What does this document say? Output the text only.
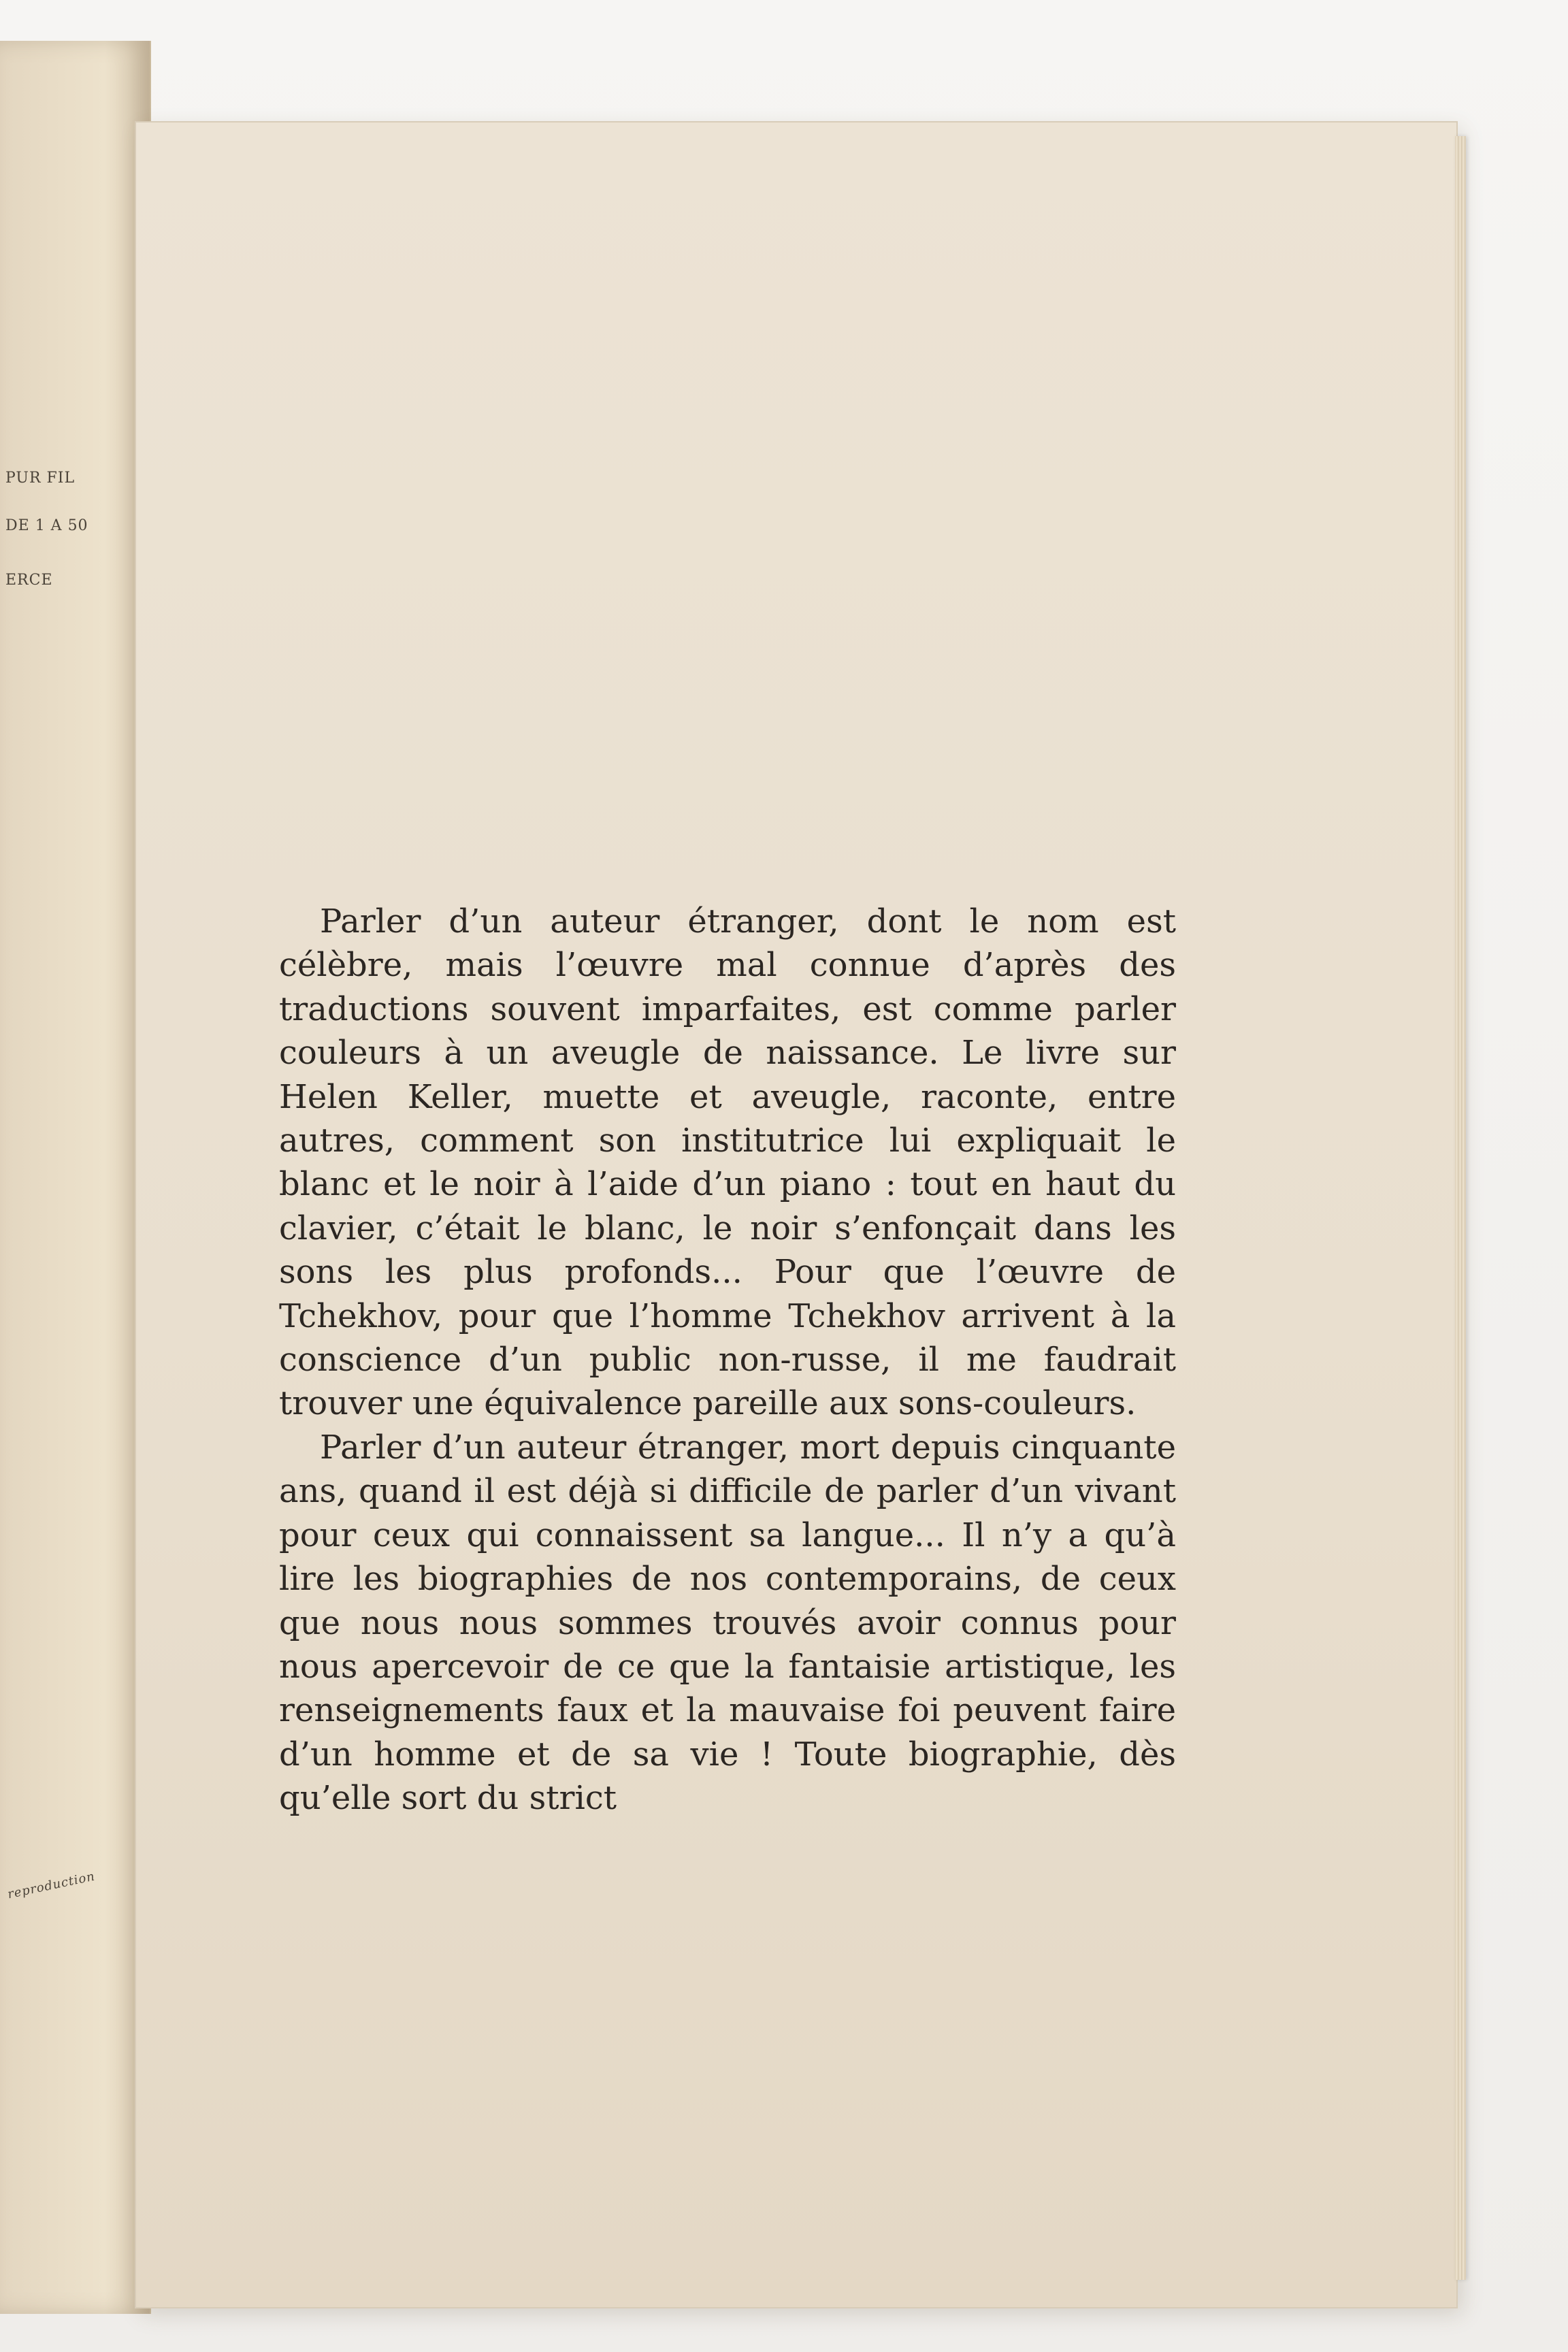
PUR FIL
DE 1 A 50
ERCE
reproduction

Parler d’un auteur étranger, dont le nom est célèbre, mais l’œuvre mal connue d’après des traductions souvent imparfaites, est comme parler couleurs à un aveugle de naissance. Le livre sur Helen Keller, muette et aveugle, raconte, entre autres, comment son institutrice lui expliquait le blanc et le noir à l’aide d’un piano : tout en haut du clavier, c’était le blanc, le noir s’enfonçait dans les sons les plus profonds... Pour que l’œuvre de Tchekhov, pour que l’homme Tchekhov arrivent à la conscience d’un public non-russe, il me faudrait trouver une équivalence pareille aux sons-couleurs.

Parler d’un auteur étranger, mort depuis cinquante ans, quand il est déjà si difficile de parler d’un vivant pour ceux qui connaissent sa langue... Il n’y a qu’à lire les biographies de nos contemporains, de ceux que nous nous sommes trouvés avoir connus pour nous apercevoir de ce que la fantaisie artistique, les renseignements faux et la mauvaise foi peuvent faire d’un homme et de sa vie ! Toute biographie, dès qu’elle sort du strict
